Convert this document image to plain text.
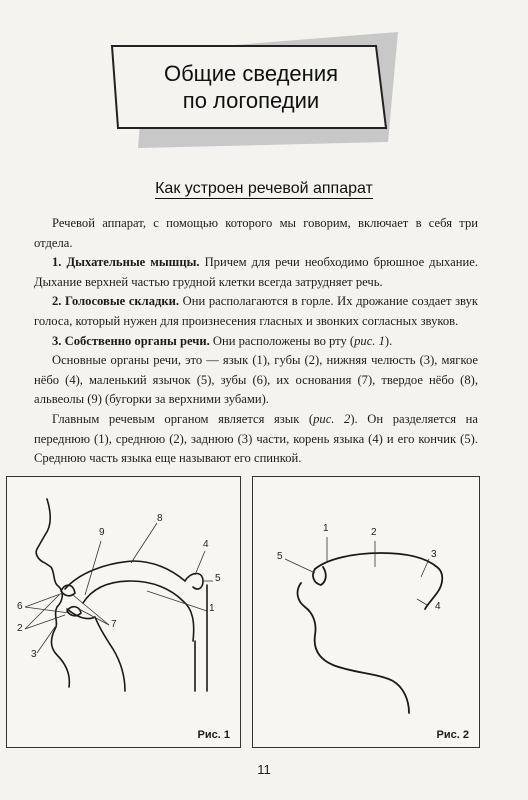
Общие сведения
по логопедии
Как устроен речевой аппарат

Речевой аппарат, с помощью которого мы говорим, включает в себя три отдела.

1. Дыхательные мышцы. Причем для речи необходимо брюшное дыхание. Дыхание верхней частью грудной клетки всегда затрудняет речь.

2. Голосовые складки. Они располагаются в горле. Их дрожание создает звук голоса, который нужен для произнесения гласных и звонких согласных звуков.

3. Собственно органы речи. Они расположены во рту (рис. 1).

Основные органы речи, это — язык (1), губы (2), нижняя челюсть (3), мягкое нёбо (4), маленький язычок (5), зубы (6), их основания (7), твердое нёбо (8), альвеолы (9) (бугорки за верхними зубами).

Главным речевым органом является язык (рис. 2). Он разделяется на переднюю (1), среднюю (2), заднюю (3) части, корень языка (4) и его кончик (5). Среднюю часть языка еще называют его спинкой.

9
8
4
5
1
6
2
3
7
Рис. 1
1	2
3
4
5
Рис. 2
11
